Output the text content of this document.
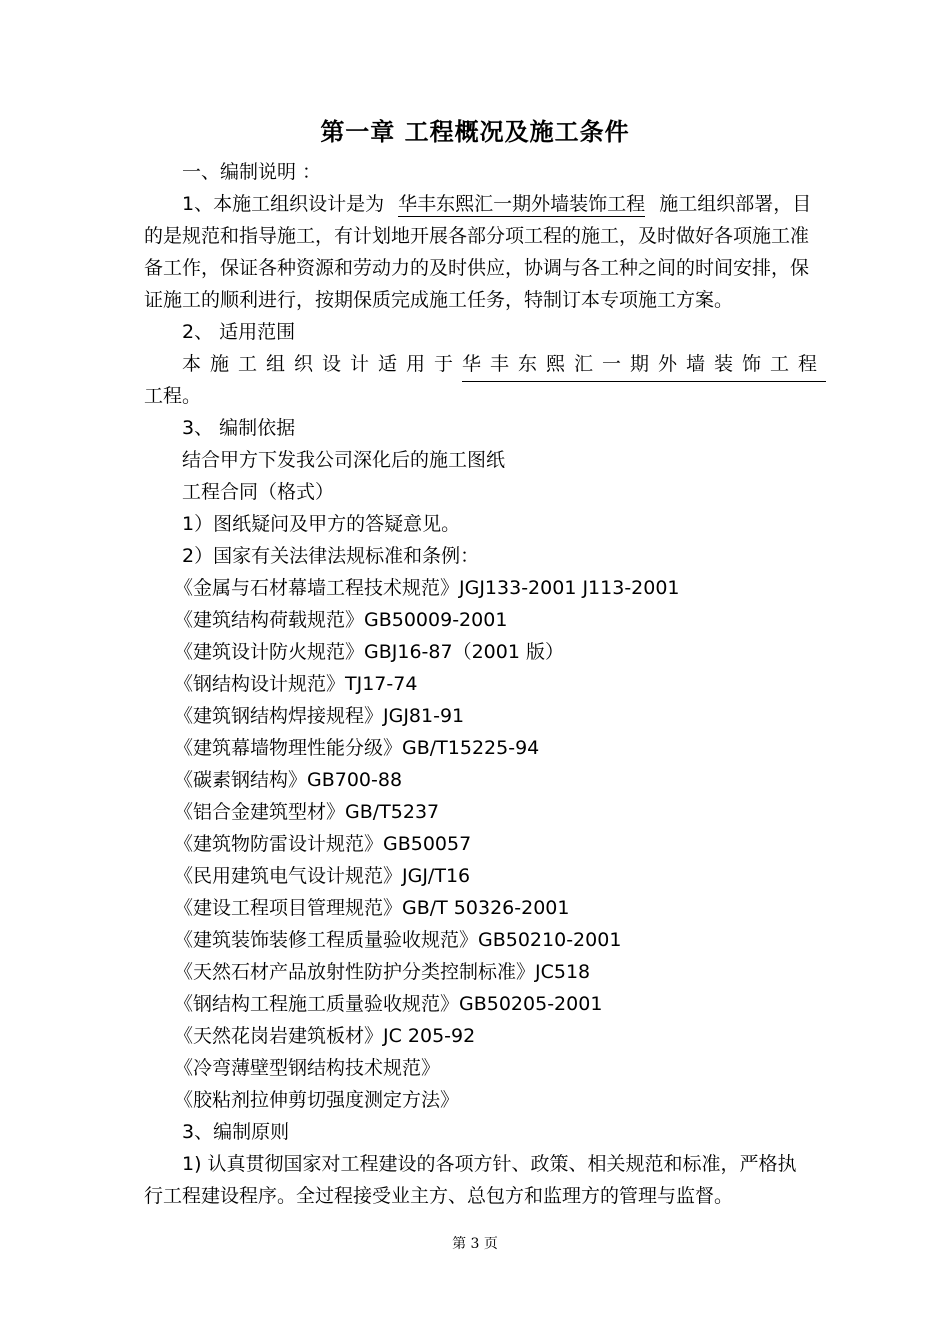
第一章 工程概况及施工条件
一、编制说明 ：
1、本施工组织设计是为 华丰东熙汇一期外墙装饰工程 施工组织部署，目
的是规范和指导施工，有计划地开展各部分项工程的施工，及时做好各项施工准
备工作，保证各种资源和劳动力的及时供应，协调与各工种之间的时间安排，保
证施工的顺利进行，按期保质完成施工任务，特制订本专项施工方案。
2、 适用范围
本施工组织设计适用于 华丰东熙汇一期外墙装饰工程
工程。
3、 编制依据
结合甲方下发我公司深化后的施工图纸
工程合同（格式）
1）图纸疑问及甲方的答疑意见。
2）国家有关法律法规标准和条例：
《金属与石材幕墙工程技术规范》JGJ133-2001 J113-2001
《建筑结构荷载规范》GB50009-2001
《建筑设计防火规范》GBJ16-87（2001 版）
《钢结构设计规范》TJ17-74
《建筑钢结构焊接规程》JGJ81-91
《建筑幕墙物理性能分级》GB/T15225-94
《碳素钢结构》GB700-88
《铝合金建筑型材》GB/T5237
《建筑物防雷设计规范》GB50057
《民用建筑电气设计规范》JGJ/T16
《建设工程项目管理规范》GB/T 50326-2001
《建筑装饰装修工程质量验收规范》GB50210-2001
《天然石材产品放射性防护分类控制标准》JC518
《钢结构工程施工质量验收规范》GB50205-2001
《天然花岗岩建筑板材》JC 205-92
《冷弯薄壁型钢结构技术规范》
《胶粘剂拉伸剪切强度测定方法》
3、编制原则
1) 认真贯彻国家对工程建设的各项方针、政策、相关规范和标准，严格执
行工程建设程序。全过程接受业主方、总包方和监理方的管理与监督。
第 3 页
